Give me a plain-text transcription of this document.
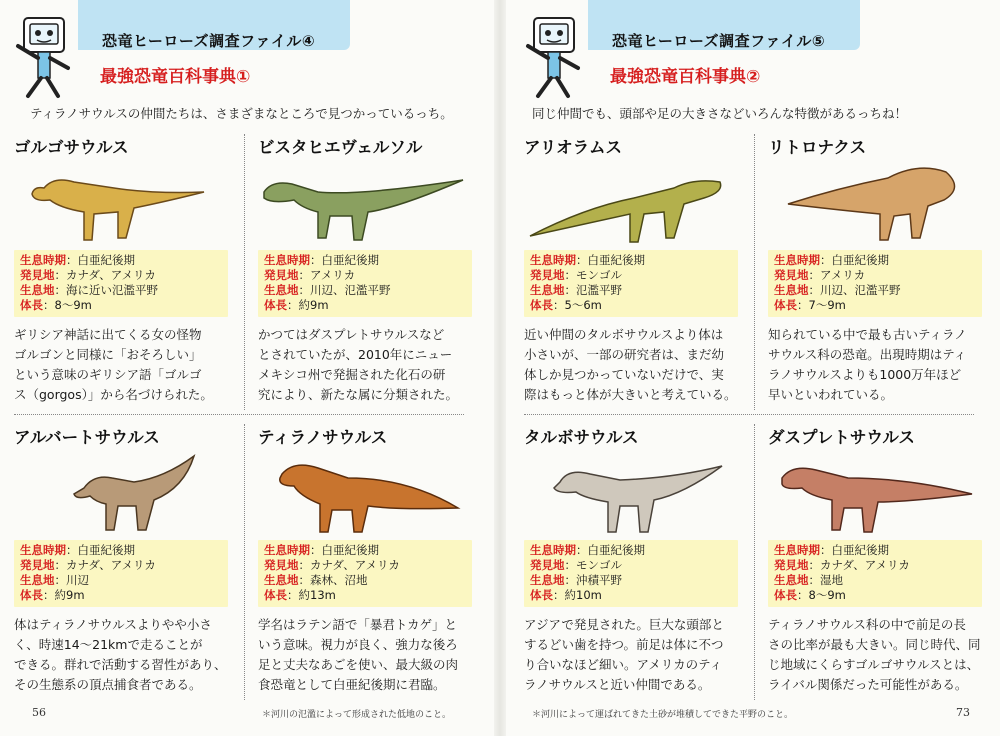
恐竜ヒーローズ調査ファイル④
最強恐竜百科事典①
ティラノサウルスの仲間たちは、さまざまなところで見つかっているっち。
ゴルゴサウルス
生息時期：白亜紀後期
発見地：カナダ、アメリカ
生息地：海に近い氾濫平野
体長：8〜9m
ギリシア神話に出てくる女の怪物
ゴルゴンと同様に「おそろしい」
という意味のギリシア語「ゴルゴ
ス（gorgos）」から名づけられた。
ビスタヒエヴェルソル
生息時期：白亜紀後期
発見地：アメリカ
生息地：川辺、氾濫平野
体長：約9m
かつてはダスプレトサウルスなど
とされていたが、2010年にニュー
メキシコ州で発掘された化石の研
究により、新たな属に分類された。
アルバートサウルス
生息時期：白亜紀後期
発見地：カナダ、アメリカ
生息地：川辺
体長：約9m
体はティラノサウルスよりやや小さ
く、時速14〜21kmで走ることが
できる。群れで活動する習性があり、
その生態系の頂点捕食者である。
ティラノサウルス
生息時期：白亜紀後期
発見地：カナダ、アメリカ
生息地：森林、沼地
体長：約13m
学名はラテン語で「暴君トカゲ」と
いう意味。視力が良く、強力な後ろ
足と丈夫なあごを使い、最大級の肉
食恐竜として白亜紀後期に君臨。
56	＊河川の氾濫によって形成された低地のこと。
恐竜ヒーローズ調査ファイル⑤
最強恐竜百科事典②
同じ仲間でも、頭部や足の大きさなどいろんな特徴があるっちね！
アリオラムス
生息時期：白亜紀後期
発見地：モンゴル
生息地：氾濫平野
体長：5〜6m
近い仲間のタルボサウルスより体は
小さいが、一部の研究者は、まだ幼
体しか見つかっていないだけで、実
際はもっと体が大きいと考えている。
リトロナクス
生息時期：白亜紀後期
発見地：アメリカ
生息地：川辺、氾濫平野
体長：7〜9m
知られている中で最も古いティラノ
サウルス科の恐竜。出現時期はティ
ラノサウルスよりも1000万年ほど
早いといわれている。
タルボサウルス
生息時期：白亜紀後期
発見地：モンゴル
生息地：沖積平野
体長：約10m
アジアで発見された。巨大な頭部と
するどい歯を持つ。前足は体に不つ
り合いなほど細い。アメリカのティ
ラノサウルスと近い仲間である。
ダスプレトサウルス
生息時期：白亜紀後期
発見地：カナダ、アメリカ
生息地：湿地
体長：8〜9m
ティラノサウルス科の中で前足の長
さの比率が最も大きい。同じ時代、同
じ地域にくらすゴルゴサウルスとは、
ライバル関係だった可能性がある。
＊河川によって運ばれてきた土砂が堆積してできた平野のこと。	73
